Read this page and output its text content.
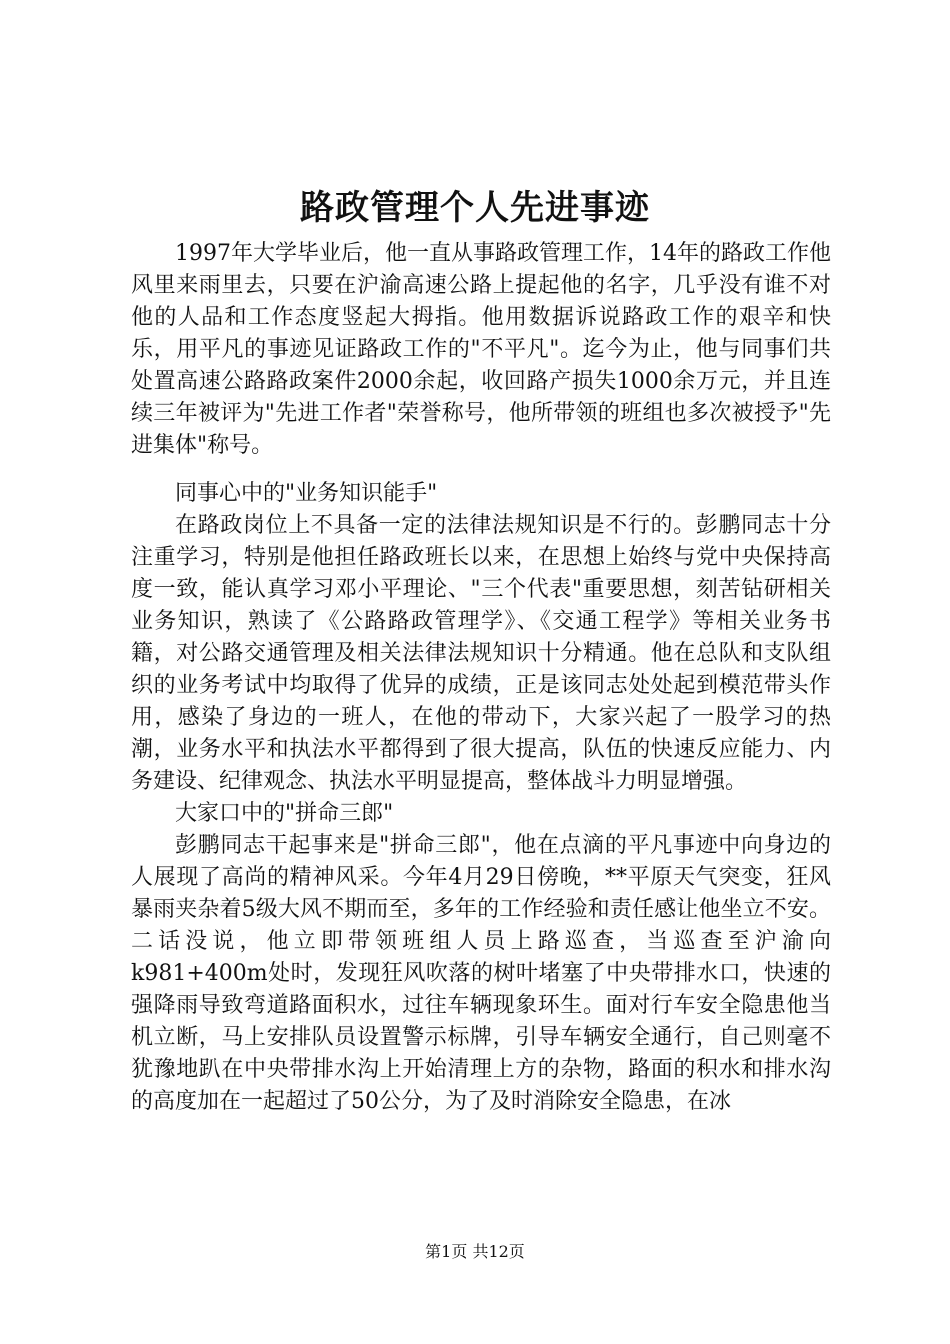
路政管理个人先进事迹

1997年大学毕业后，他一直从事路政管理工作，14年的路政工作他风里来雨里去，只要在沪渝高速公路上提起他的名字，几乎没有谁不对他的人品和工作态度竖起大拇指。他用数据诉说路政工作的艰辛和快乐，用平凡的事迹见证路政工作的"不平凡"。迄今为止，他与同事们共处置高速公路路政案件2000余起，收回路产损失1000余万元，并且连续三年被评为"先进工作者"荣誉称号，他所带领的班组也多次被授予"先进集体"称号。

同事心中的"业务知识能手"

在路政岗位上不具备一定的法律法规知识是不行的。彭鹏同志十分注重学习，特别是他担任路政班长以来，在思想上始终与党中央保持高度一致，能认真学习邓小平理论、"三个代表"重要思想，刻苦钻研相关业务知识，熟读了《公路路政管理学》、《交通工程学》等相关业务书籍，对公路交通管理及相关法律法规知识十分精通。他在总队和支队组织的业务考试中均取得了优异的成绩，正是该同志处处起到模范带头作用，感染了身边的一班人，在他的带动下，大家兴起了一股学习的热潮，业务水平和执法水平都得到了很大提高，队伍的快速反应能力、内务建设、纪律观念、执法水平明显提高，整体战斗力明显增强。

大家口中的"拼命三郎"

彭鹏同志干起事来是"拼命三郎"，他在点滴的平凡事迹中向身边的人展现了高尚的精神风采。今年4月29日傍晚，**平原天气突变，狂风暴雨夹杂着5级大风不期而至，多年的工作经验和责任感让他坐立不安。二话没说，他立即带领班组人员上路巡查，当巡查至沪渝向k981+400m处时，发现狂风吹落的树叶堵塞了中央带排水口，快速的强降雨导致弯道路面积水，过往车辆现象环生。面对行车安全隐患他当机立断，马上安排队员设置警示标牌，引导车辆安全通行，自己则毫不犹豫地趴在中央带排水沟上开始清理上方的杂物，路面的积水和排水沟的高度加在一起超过了50公分，为了及时消除安全隐患，在冰

第1页 共12页
